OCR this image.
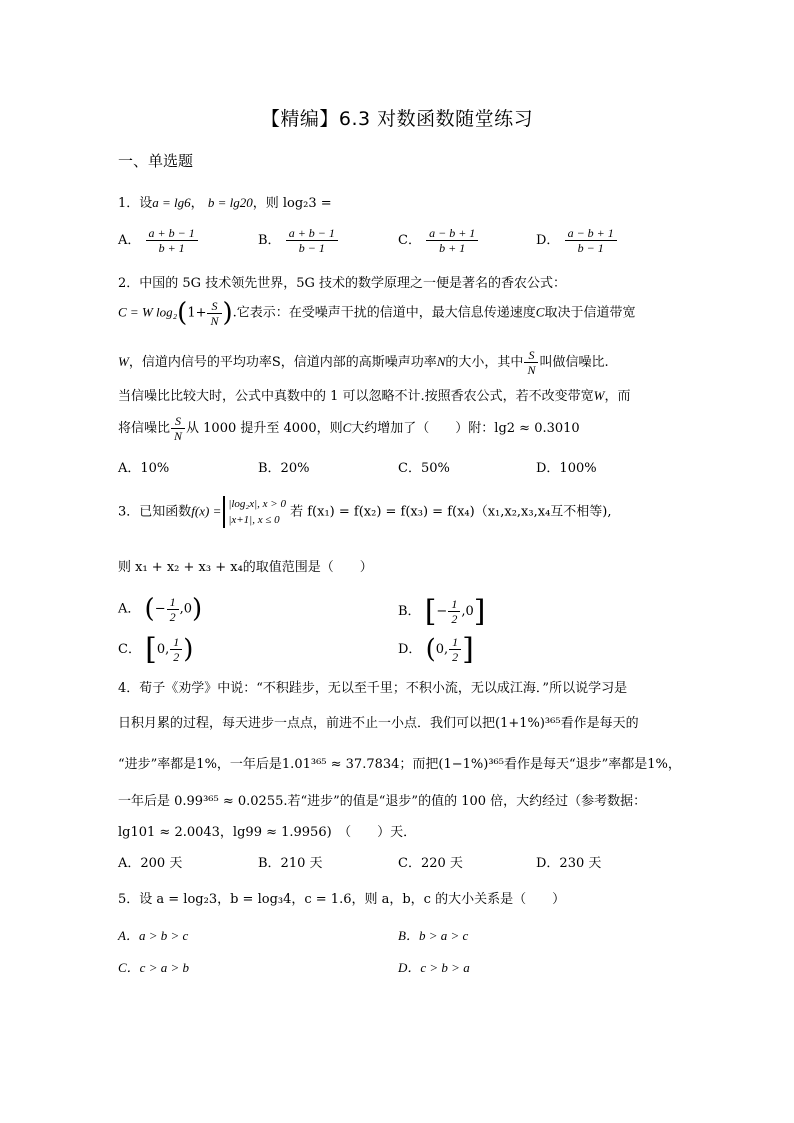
【精编】6.3 对数函数随堂练习
一、单选题
1．设a = lg6， b = lg20，则 log₂3 =
A． $\frac{a + b - 1}{b + 1}$	B． $\frac{a + b - 1}{b - 1}$	C． $\frac{a - b + 1}{b + 1}$	D． $\frac{a - b + 1}{b - 1}$
2．中国的 5G 技术领先世界，5G 技术的数学原理之一便是著名的香农公式：
C = W $\log_2(1+ \frac{S}{N}$ ).它表示：在受噪声干扰的信道中，最大信息传递速度C取决于信道带宽
W，信道内信号的平均功率S，信道内部的高斯噪声功率N的大小，其中 $\frac{S}{N}$ 叫做信噪比.
当信噪比比较大时，公式中真数中的 1 可以忽略不计.按照香农公式，若不改变带宽W，而
将信噪比 $\frac{S}{N}$ 从 1000 提升至 4000，则C大约增加了（　　）附：lg2 ≈ 0.3010
A．10%	B．20%	C．50%	D．100%
3．已知函数f(x) = |log₂x|, x > 0
|x+1|, x ≤ 0 若 f(x₁) = f(x₂) = f(x₃) = f(x₄)（x₁,x₂,x₃,x₄互不相等),
则 x₁ + x₂ + x₃ + x₄的取值范围是（　　）
A． (− $\frac{1}{2} ,0$)	B． [− $\frac{1}{2} ,0$]
C． [0, $\frac{1}{2}$ )	D． (0, $\frac{1}{2}$ ]
4．荀子《劝学》中说：“不积跬步，无以至千里；不积小流，无以成江海．”所以说学习是
日积月累的过程，每天进步一点点，前进不止一小点．我们可以把(1+1%)³⁶⁵看作是每天的
“进步”率都是1%，一年后是1.01³⁶⁵ ≈ 37.7834；而把(1−1%)³⁶⁵看作是每天“退步”率都是1%，
一年后是 0.99³⁶⁵ ≈ 0.0255.若“进步”的值是“退步”的值的 100 倍，大约经过（参考数据：
lg101 ≈ 2.0043，lg99 ≈ 1.9956)　（　　）天．
A．200 天	B．210 天	C．220 天	D．230 天
5．设 a = log₂3，b = log₃4，c = 1.6，则 a，b，c 的大小关系是（　　）
A．a > b > c	B．b > a > c
C．c > a > b	D．c > b > a
